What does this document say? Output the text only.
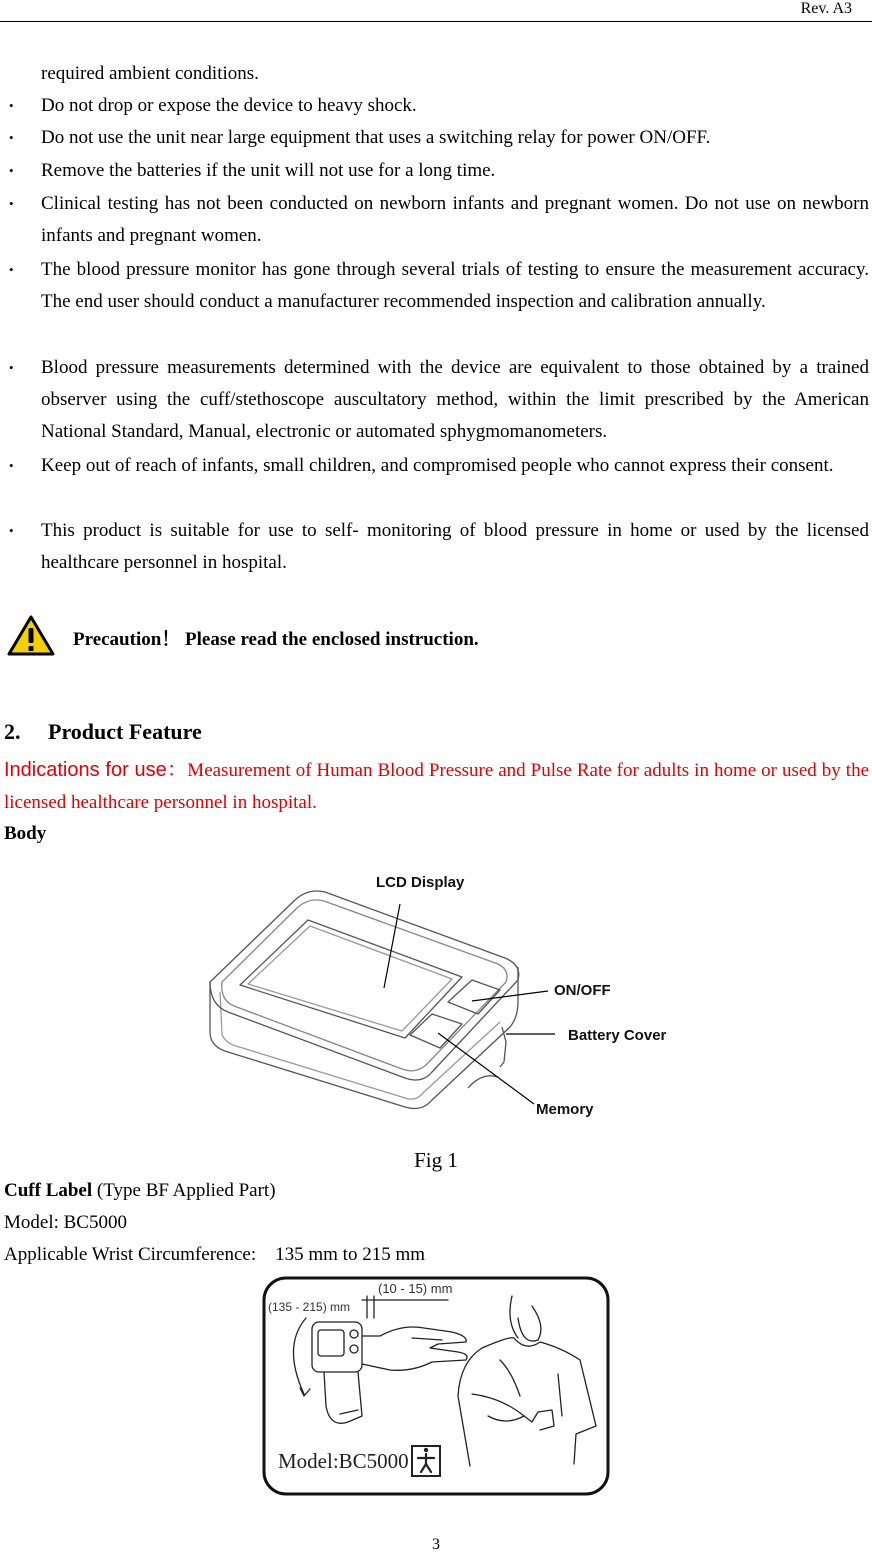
Rev. A3
required ambient conditions.
• Do not drop or expose the device to heavy shock.
• Do not use the unit near large equipment that uses a switching relay for power ON/OFF.
• Remove the batteries if the unit will not use for a long time.
• Clinical testing has not been conducted on newborn infants and pregnant women. Do not use on newborn infants and pregnant women.
• The blood pressure monitor has gone through several trials of testing to ensure the measurement accuracy. The end user should conduct a manufacturer recommended inspection and calibration annually.
• Blood pressure measurements determined with the device are equivalent to those obtained by a trained observer using the cuff/stethoscope auscultatory method, within the limit prescribed by the American National Standard, Manual, electronic or automated sphygmomanometers.
• Keep out of reach of infants, small children, and compromised people who cannot express their consent.
• This product is suitable for use to self- monitoring of blood pressure in home or used by the licensed healthcare personnel in hospital.
Precaution！ Please read the enclosed instruction.
2. Product Feature
Indications for use：Measurement of Human Blood Pressure and Pulse Rate for adults in home or used by the licensed healthcare personnel in hospital.
Body
LCD Display
ON/OFF
Battery Cover
Memory
Fig 1
Cuff Label (Type BF Applied Part)
Model: BC5000
Applicable Wrist Circumference:    135 mm to 215 mm
(135 - 215) mm
(10 - 15) mm
Model:BC5000
3
